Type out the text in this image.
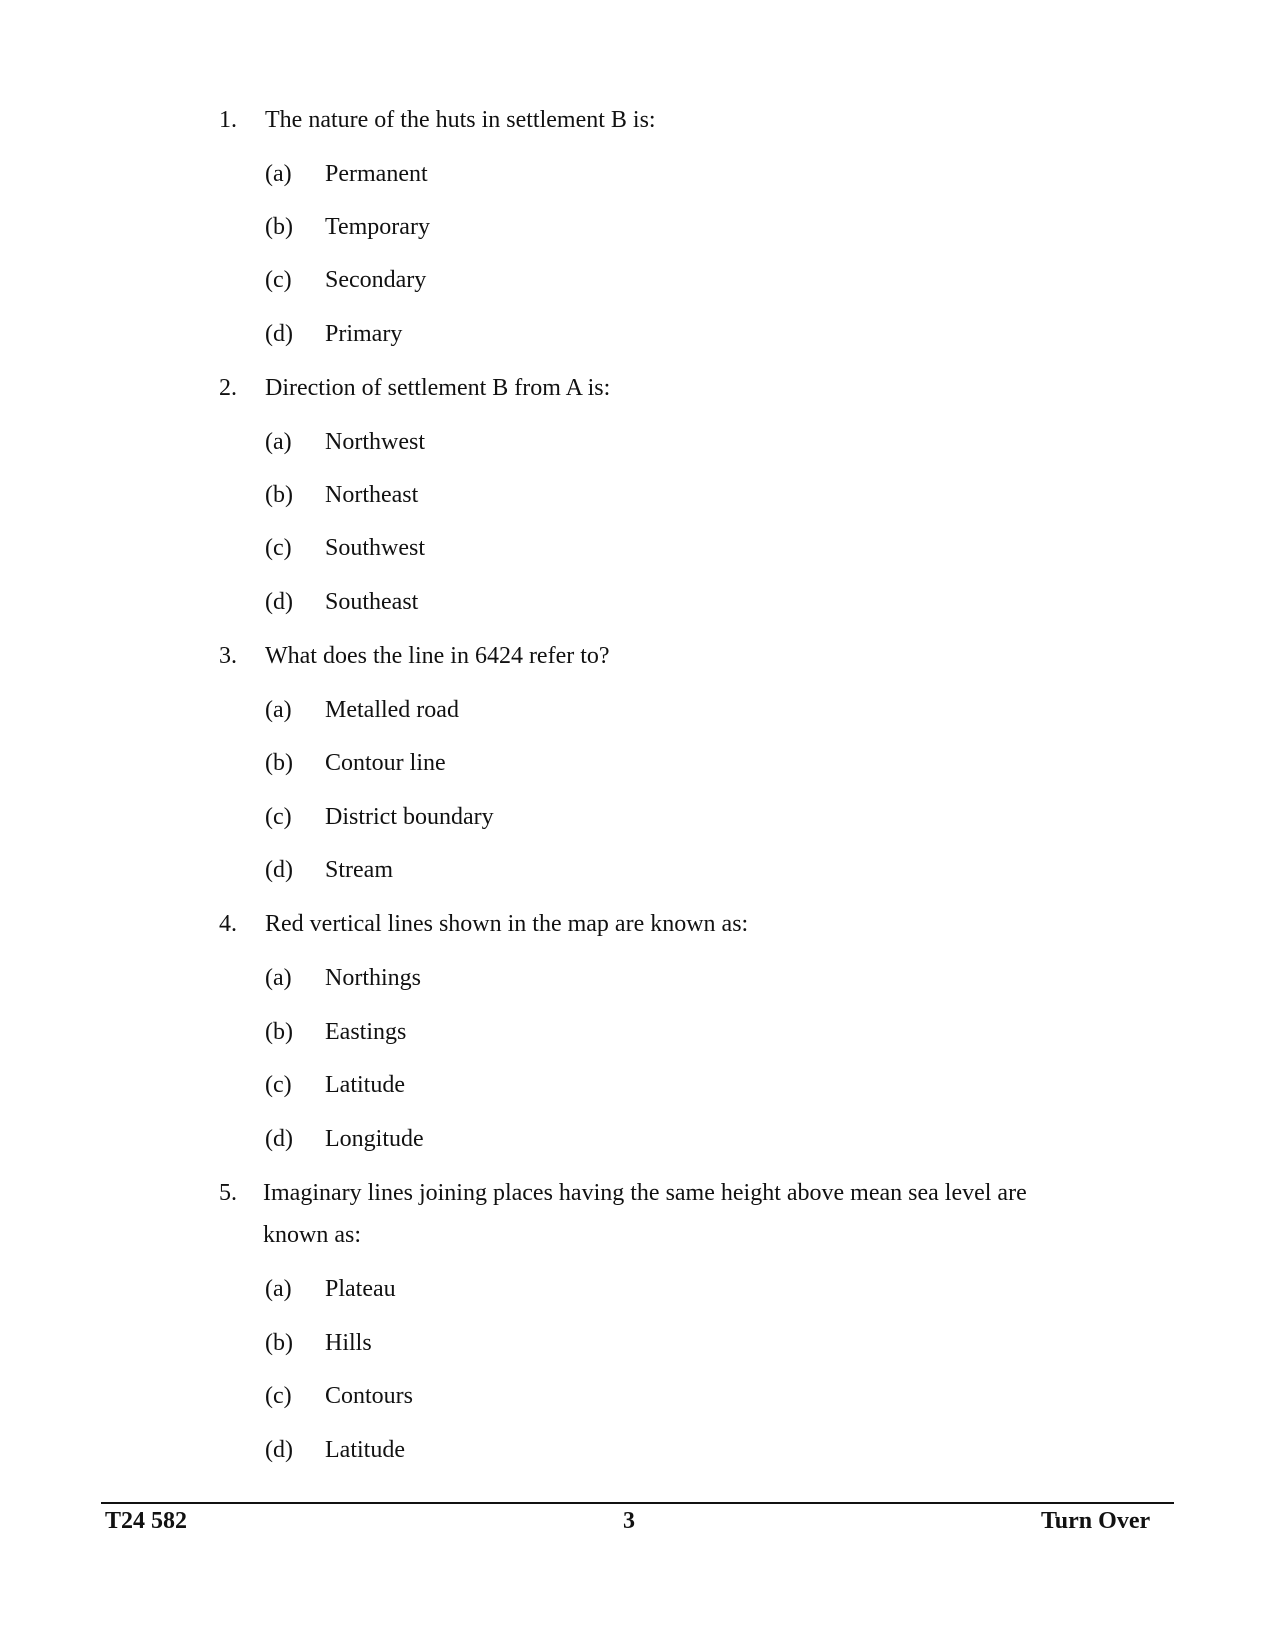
1. The nature of the huts in settlement B is:
(a) Permanent
(b) Temporary
(c) Secondary
(d) Primary
2. Direction of settlement B from A is:
(a) Northwest
(b) Northeast
(c) Southwest
(d) Southeast
3. What does the line in 6424 refer to?
(a) Metalled road
(b) Contour line
(c) District boundary
(d) Stream
4. Red vertical lines shown in the map are known as:
(a) Northings
(b) Eastings
(c) Latitude
(d) Longitude
5. Imaginary lines joining places having the same height above mean sea level are known as:
(a) Plateau
(b) Hills
(c) Contours
(d) Latitude
T24 582	3	Turn Over
